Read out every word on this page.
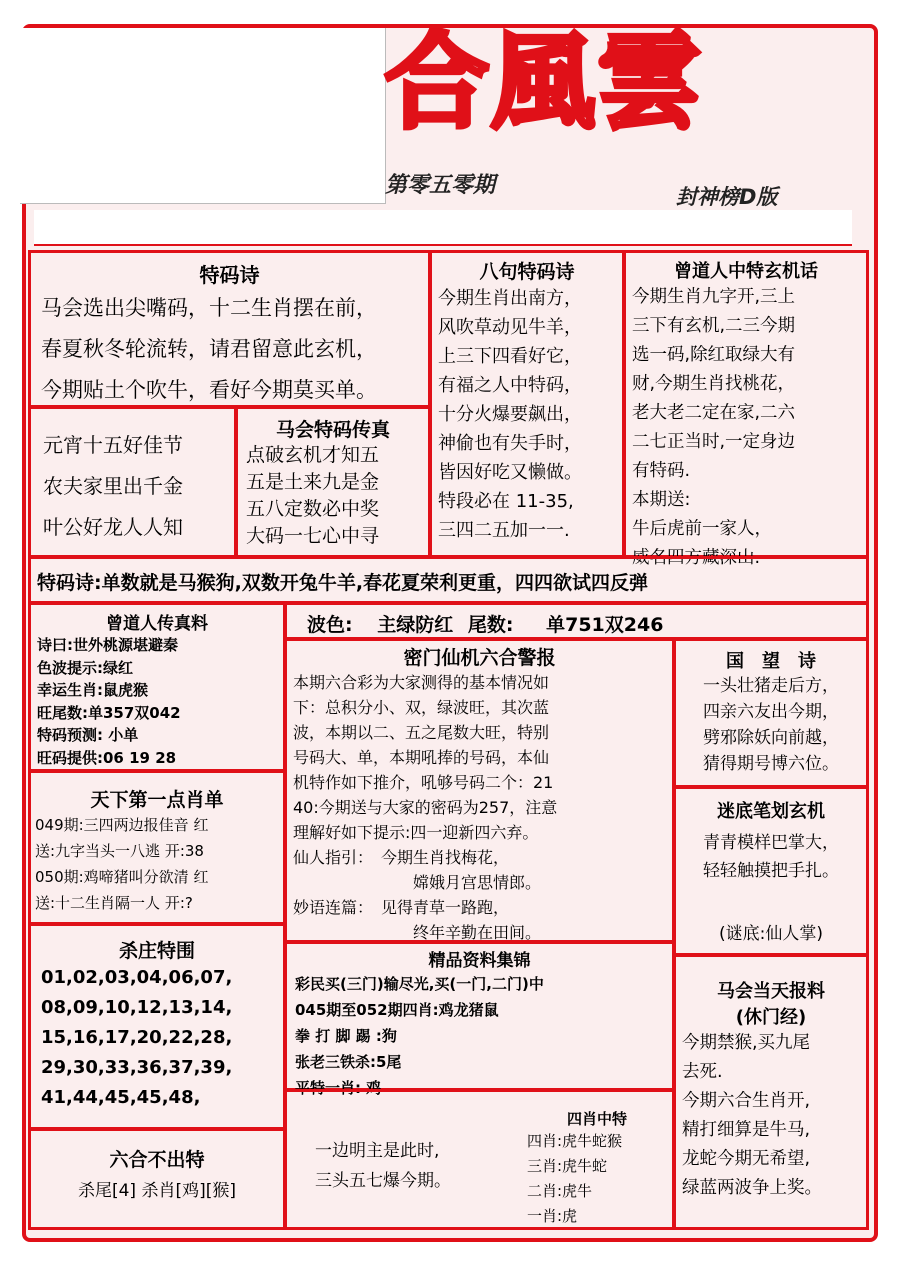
合風雲
第零五零期	封神榜D版
特码诗
马会选出尖嘴码，十二生肖摆在前，
春夏秋冬轮流转，请君留意此玄机，
今期贴土个吹牛，看好今期莫买单。
八句特码诗
今期生肖出南方，
风吹草动见牛羊，
上三下四看好它，
有福之人中特码，
十分火爆要飙出，
神偷也有失手时，
皆因好吃又懒做。
特段必在 11-35,
三四二五加一一.
曾道人中特玄机话
今期生肖九字开,三上
三下有玄机,二三今期
选一码,除红取绿大有
财,今期生肖找桃花，
老大老二定在家,二六
二七正当时,一定身边
有特码.
本期送:
牛后虎前一家人，
威名四方藏深山.
元宵十五好佳节
农夫家里出千金
叶公好龙人人知
马会特码传真
点破玄机才知五
五是土来九是金
五八定数必中奖
大码一七心中寻
特码诗:单数就是马猴狗,双数开兔牛羊,春花夏荣利更重，四四欲试四反弹
曾道人传真料
诗曰:世外桃源堪避秦
色波提示:绿红
幸运生肖:鼠虎猴
旺尾数:单357双042
特码预测: 小单
旺码提供:06 19 28
波色: 主绿防红 尾数: 单751双246
密门仙机六合警报
本期六合彩为大家测得的基本情况如
下：总积分小、双，绿波旺，其次蓝
波，本期以二、五之尾数大旺，特别
号码大、单，本期吼捧的号码，本仙
机特作如下推介，吼够号码二个：21
40:今期送与大家的密码为257，注意
理解好如下提示:四一迎新四六弃。
仙人指引： 今期生肖找梅花，
嫦娥月宫思情郎。
妙语连篇： 见得青草一路跑，
终年辛勤在田间。
国　望　诗
一头壮猪走后方，
四亲六友出今期，
劈邪除妖向前越，
猜得期号博六位。
天下第一点肖单
049期:三四两边报佳音 红
送:九字当头一八逃 开:38
050期:鸡啼猪叫分欲清 红
送:十二生肖隔一人 开:?
迷底笔划玄机
青青模样巴掌大，
轻轻触摸把手扎。
(谜底:仙人掌)
杀庄特围
01,02,03,04,06,07,
08,09,10,12,13,14,
15,16,17,20,22,28,
29,30,33,36,37,39,
41,44,45,45,48,
精品资料集锦
彩民买(三门)输尽光,买(一门,二门)中
045期至052期四肖:鸡龙猪鼠
拳 打 脚 踢 :狗
张老三铁杀:5尾
平特一肖: 鸡
马会当天报料
(休门经)
今期禁猴,买九尾
去死.
今期六合生肖开,
精打细算是牛马,
龙蛇今期无希望,
绿蓝两波争上奖。
六合不出特
杀尾[4] 杀肖[鸡][猴]
一边明主是此时,
三头五七爆今期。
四肖中特
四肖:虎牛蛇猴
三肖:虎牛蛇
二肖:虎牛
一肖:虎
